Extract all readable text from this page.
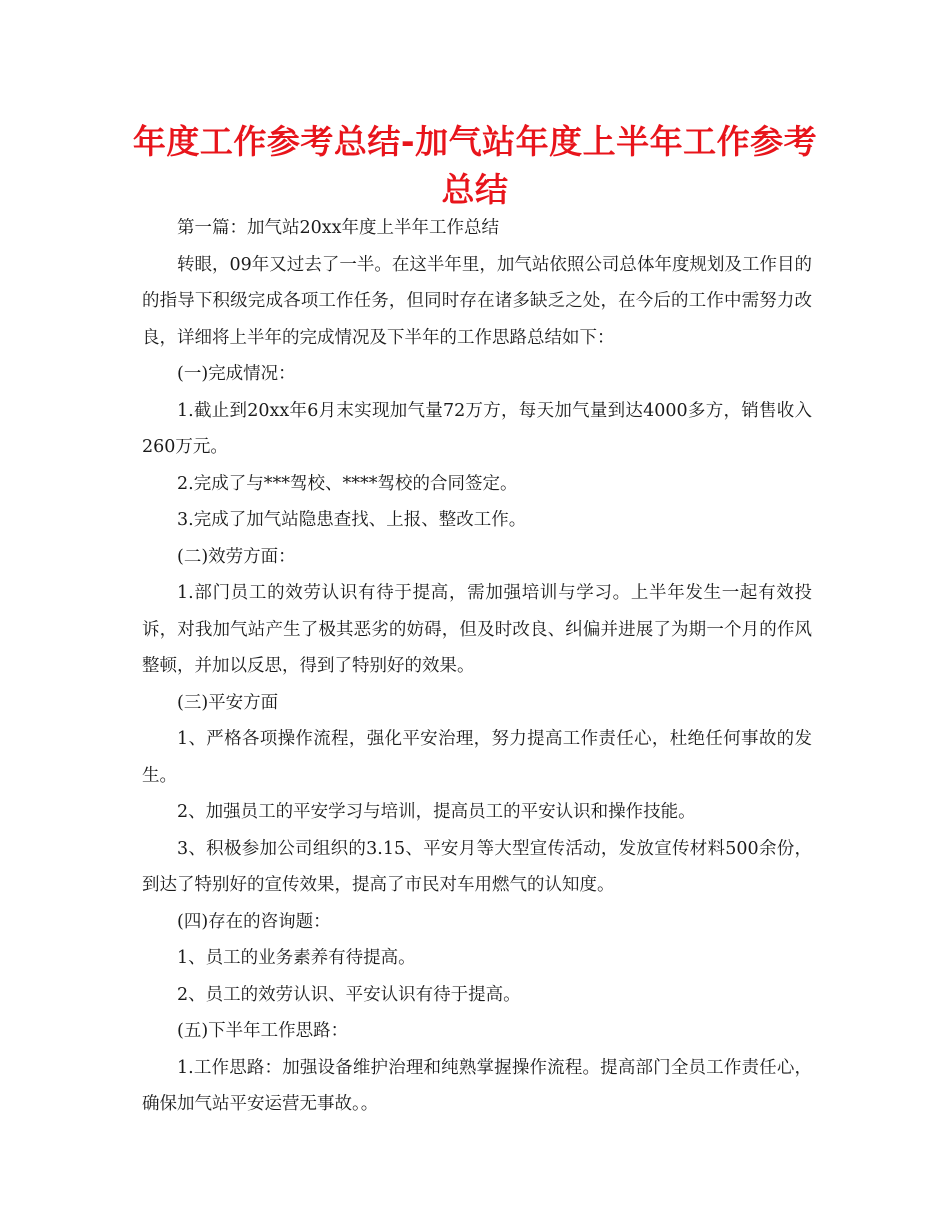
年度工作参考总结-加气站年度上半年工作参考总结

第一篇：加气站20xx年度上半年工作总结

转眼，09年又过去了一半。在这半年里，加气站依照公司总体年度规划及工作目的的指导下积级完成各项工作任务，但同时存在诸多缺乏之处，在今后的工作中需努力改良，详细将上半年的完成情况及下半年的工作思路总结如下：

(一)完成情况：

1.截止到20xx年6月末实现加气量72万方，每天加气量到达4000多方，销售收入260万元。

2.完成了与***驾校、****驾校的合同签定。

3.完成了加气站隐患查找、上报、整改工作。

(二)效劳方面：

1.部门员工的效劳认识有待于提高，需加强培训与学习。上半年发生一起有效投诉，对我加气站产生了极其恶劣的妨碍，但及时改良、纠偏并进展了为期一个月的作风整顿，并加以反思，得到了特别好的效果。

(三)平安方面

1、严格各项操作流程，强化平安治理，努力提高工作责任心，杜绝任何事故的发生。

2、加强员工的平安学习与培训，提高员工的平安认识和操作技能。

3、积极参加公司组织的3.15、平安月等大型宣传活动，发放宣传材料500余份，到达了特别好的宣传效果，提高了市民对车用燃气的认知度。

(四)存在的咨询题：

1、员工的业务素养有待提高。

2、员工的效劳认识、平安认识有待于提高。

(五)下半年工作思路：

1.工作思路：加强设备维护治理和纯熟掌握操作流程。提高部门全员工作责任心，确保加气站平安运营无事故。。
